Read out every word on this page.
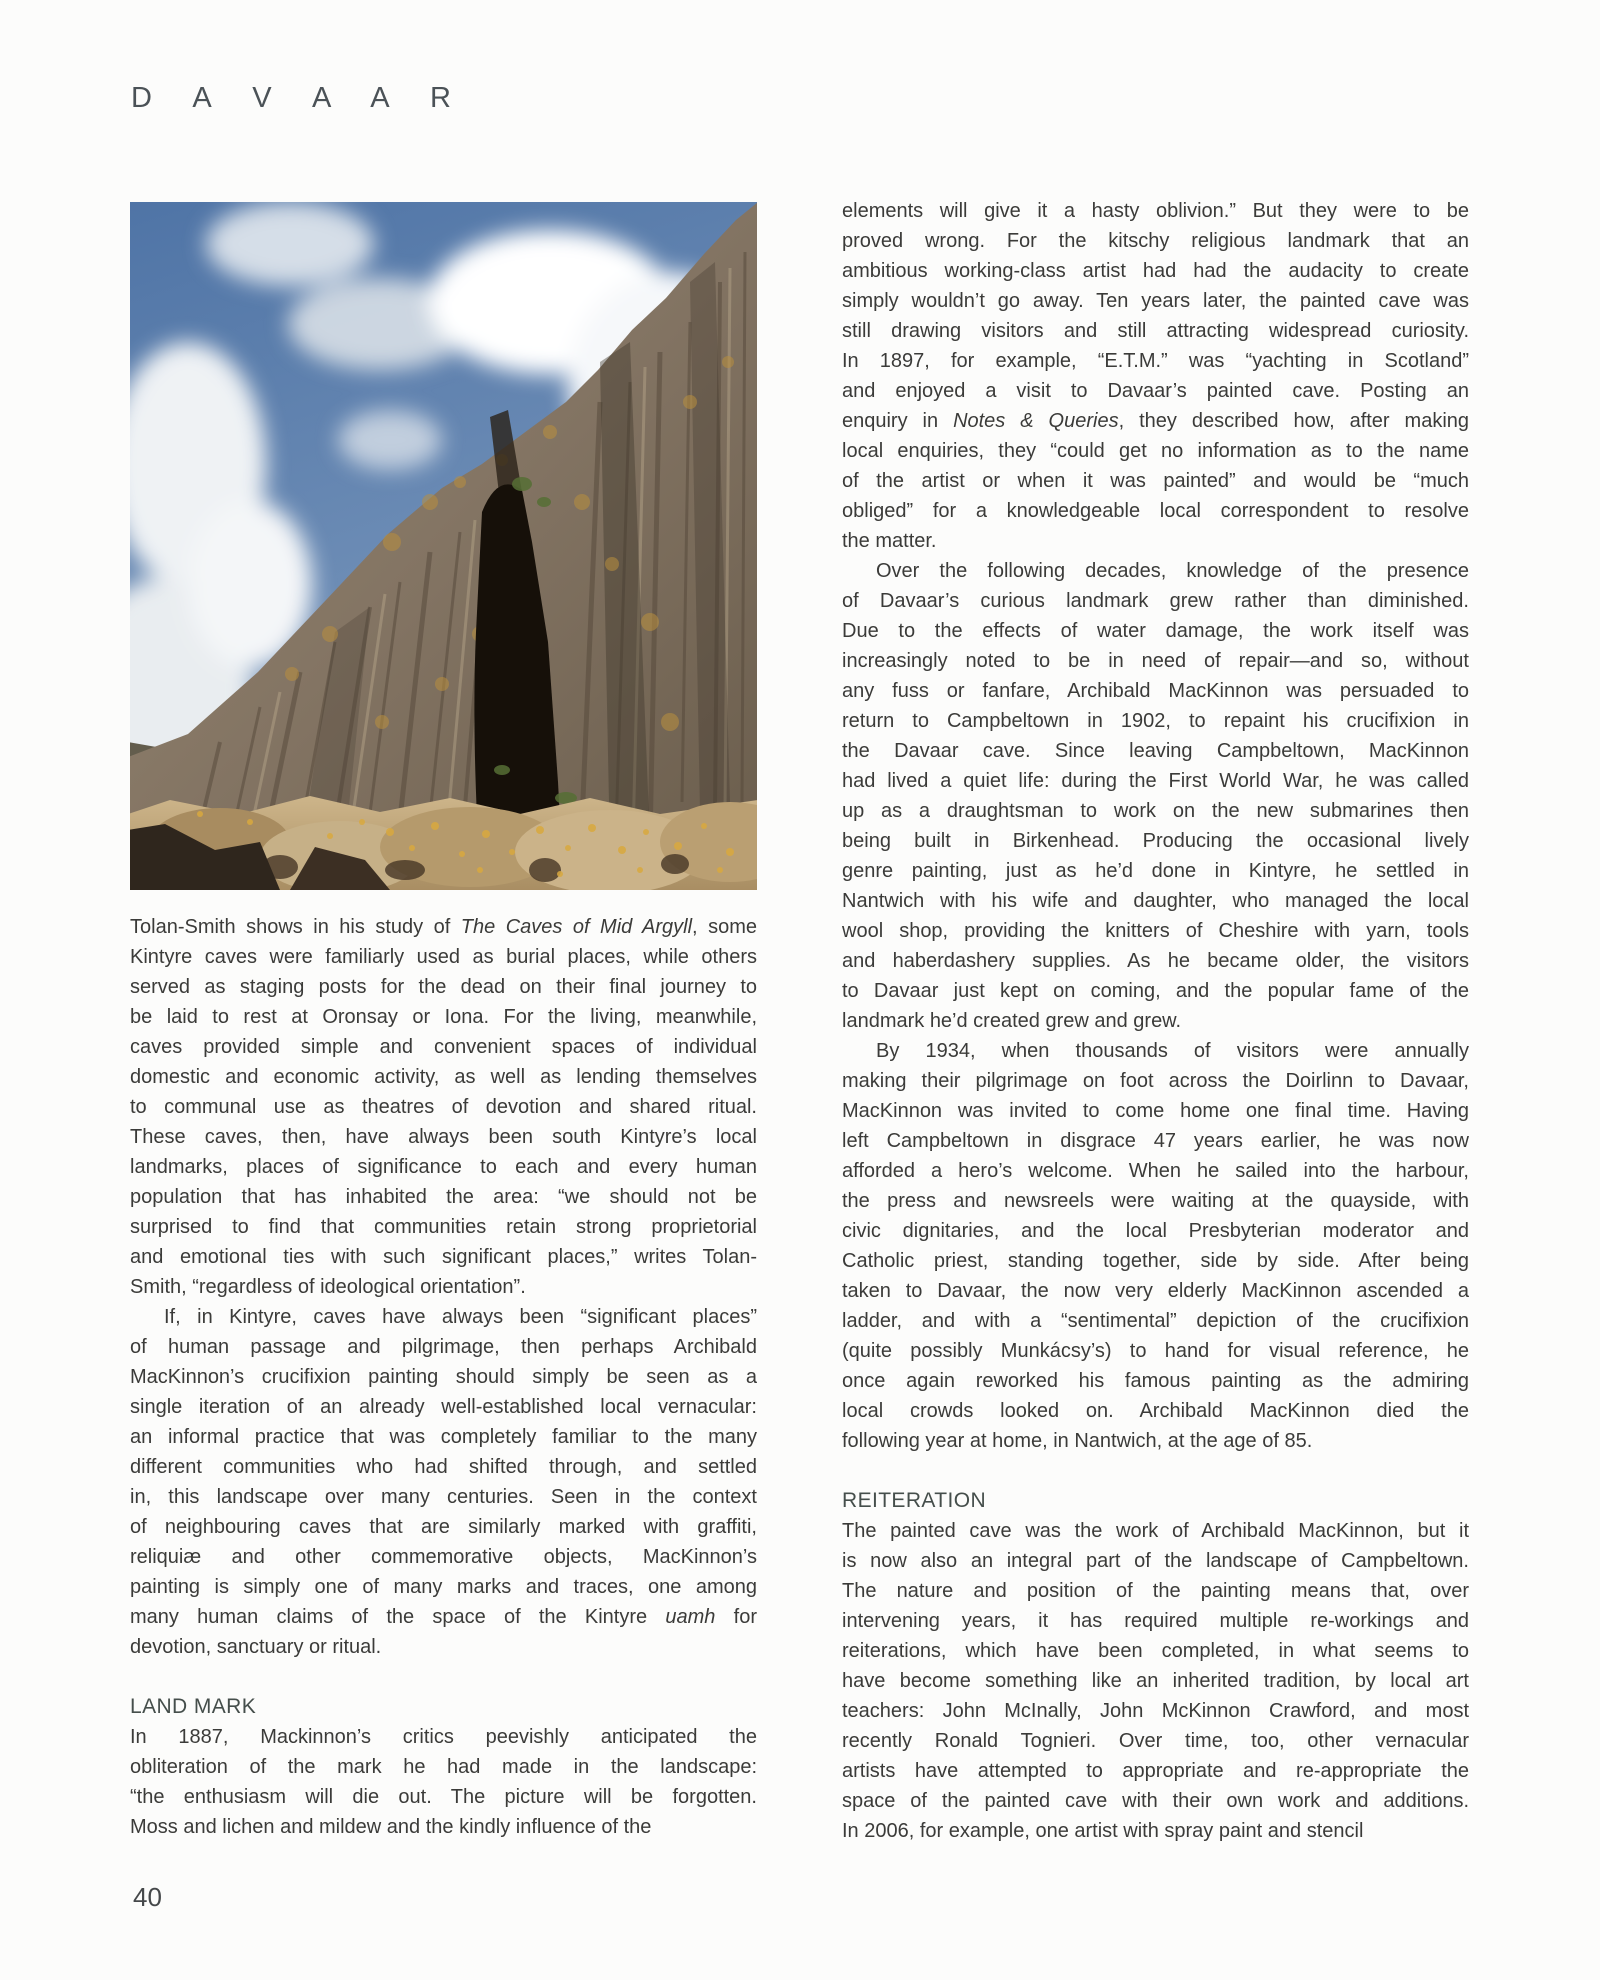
D A V A A R
Tolan-Smith shows in his study of The Caves of Mid Argyll, some
Kintyre caves were familiarly used as burial places, while others
served as staging posts for the dead on their final journey to
be laid to rest at Oronsay or Iona. For the living, meanwhile,
caves provided simple and convenient spaces of individual
domestic and economic activity, as well as lending themselves
to communal use as theatres of devotion and shared ritual.
These caves, then, have always been south Kintyre’s local
landmarks, places of significance to each and every human
population that has inhabited the area: “we should not be
surprised to find that communities retain strong proprietorial
and emotional ties with such significant places,” writes Tolan-
Smith, “regardless of ideological orientation”.
If, in Kintyre, caves have always been “significant places”
of human passage and pilgrimage, then perhaps Archibald
MacKinnon’s crucifixion painting should simply be seen as a
single iteration of an already well-established local vernacular:
an informal practice that was completely familiar to the many
different communities who had shifted through, and settled
in, this landscape over many centuries. Seen in the context
of neighbouring caves that are similarly marked with graffiti,
reliquiæ and other commemorative objects, MacKinnon’s
painting is simply one of many marks and traces, one among
many human claims of the space of the Kintyre uamh for
devotion, sanctuary or ritual.
LAND MARK
In 1887, Mackinnon’s critics peevishly anticipated the
obliteration of the mark he had made in the landscape:
“the enthusiasm will die out. The picture will be forgotten.
Moss and lichen and mildew and the kindly influence of the
elements will give it a hasty oblivion.” But they were to be
proved wrong. For the kitschy religious landmark that an
ambitious working-class artist had had the audacity to create
simply wouldn’t go away. Ten years later, the painted cave was
still drawing visitors and still attracting widespread curiosity.
In 1897, for example, “E.T.M.” was “yachting in Scotland”
and enjoyed a visit to Davaar’s painted cave. Posting an
enquiry in Notes & Queries, they described how, after making
local enquiries, they “could get no information as to the name
of the artist or when it was painted” and would be “much
obliged” for a knowledgeable local correspondent to resolve
the matter.
Over the following decades, knowledge of the presence
of Davaar’s curious landmark grew rather than diminished.
Due to the effects of water damage, the work itself was
increasingly noted to be in need of repair—and so, without
any fuss or fanfare, Archibald MacKinnon was persuaded to
return to Campbeltown in 1902, to repaint his crucifixion in
the Davaar cave. Since leaving Campbeltown, MacKinnon
had lived a quiet life: during the First World War, he was called
up as a draughtsman to work on the new submarines then
being built in Birkenhead. Producing the occasional lively
genre painting, just as he’d done in Kintyre, he settled in
Nantwich with his wife and daughter, who managed the local
wool shop, providing the knitters of Cheshire with yarn, tools
and haberdashery supplies. As he became older, the visitors
to Davaar just kept on coming, and the popular fame of the
landmark he’d created grew and grew.
By 1934, when thousands of visitors were annually
making their pilgrimage on foot across the Doirlinn to Davaar,
MacKinnon was invited to come home one final time. Having
left Campbeltown in disgrace 47 years earlier, he was now
afforded a hero’s welcome. When he sailed into the harbour,
the press and newsreels were waiting at the quayside, with
civic dignitaries, and the local Presbyterian moderator and
Catholic priest, standing together, side by side. After being
taken to Davaar, the now very elderly MacKinnon ascended a
ladder, and with a “sentimental” depiction of the crucifixion
(quite possibly Munkácsy’s) to hand for visual reference, he
once again reworked his famous painting as the admiring
local crowds looked on. Archibald MacKinnon died the
following year at home, in Nantwich, at the age of 85.
REITERATION
The painted cave was the work of Archibald MacKinnon, but it
is now also an integral part of the landscape of Campbeltown.
The nature and position of the painting means that, over
intervening years, it has required multiple re-workings and
reiterations, which have been completed, in what seems to
have become something like an inherited tradition, by local art
teachers: John McInally, John McKinnon Crawford, and most
recently Ronald Tognieri. Over time, too, other vernacular
artists have attempted to appropriate and re-appropriate the
space of the painted cave with their own work and additions.
In 2006, for example, one artist with spray paint and stencil
40
